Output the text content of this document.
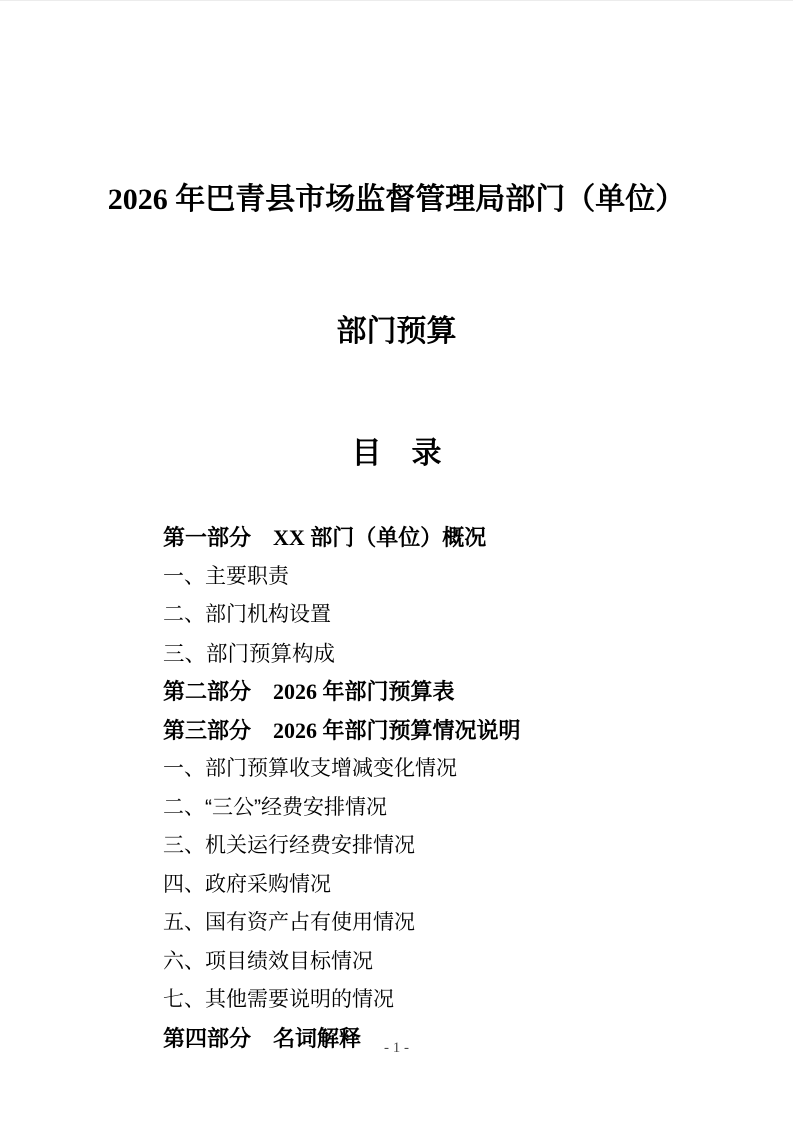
2026 年巴青县市场监督管理局部门（单位）

部门预算

目　录
第一部分　XX 部门（单位）概况
一、主要职责
二、部门机构设置
三、部门预算构成
第二部分　2026 年部门预算表
第三部分　2026 年部门预算情况说明
一、部门预算收支增减变化情况
二、“三公”经费安排情况
三、机关运行经费安排情况
四、政府采购情况
五、国有资产占有使用情况
六、项目绩效目标情况
七、其他需要说明的情况
第四部分　名词解释	- 1 -
